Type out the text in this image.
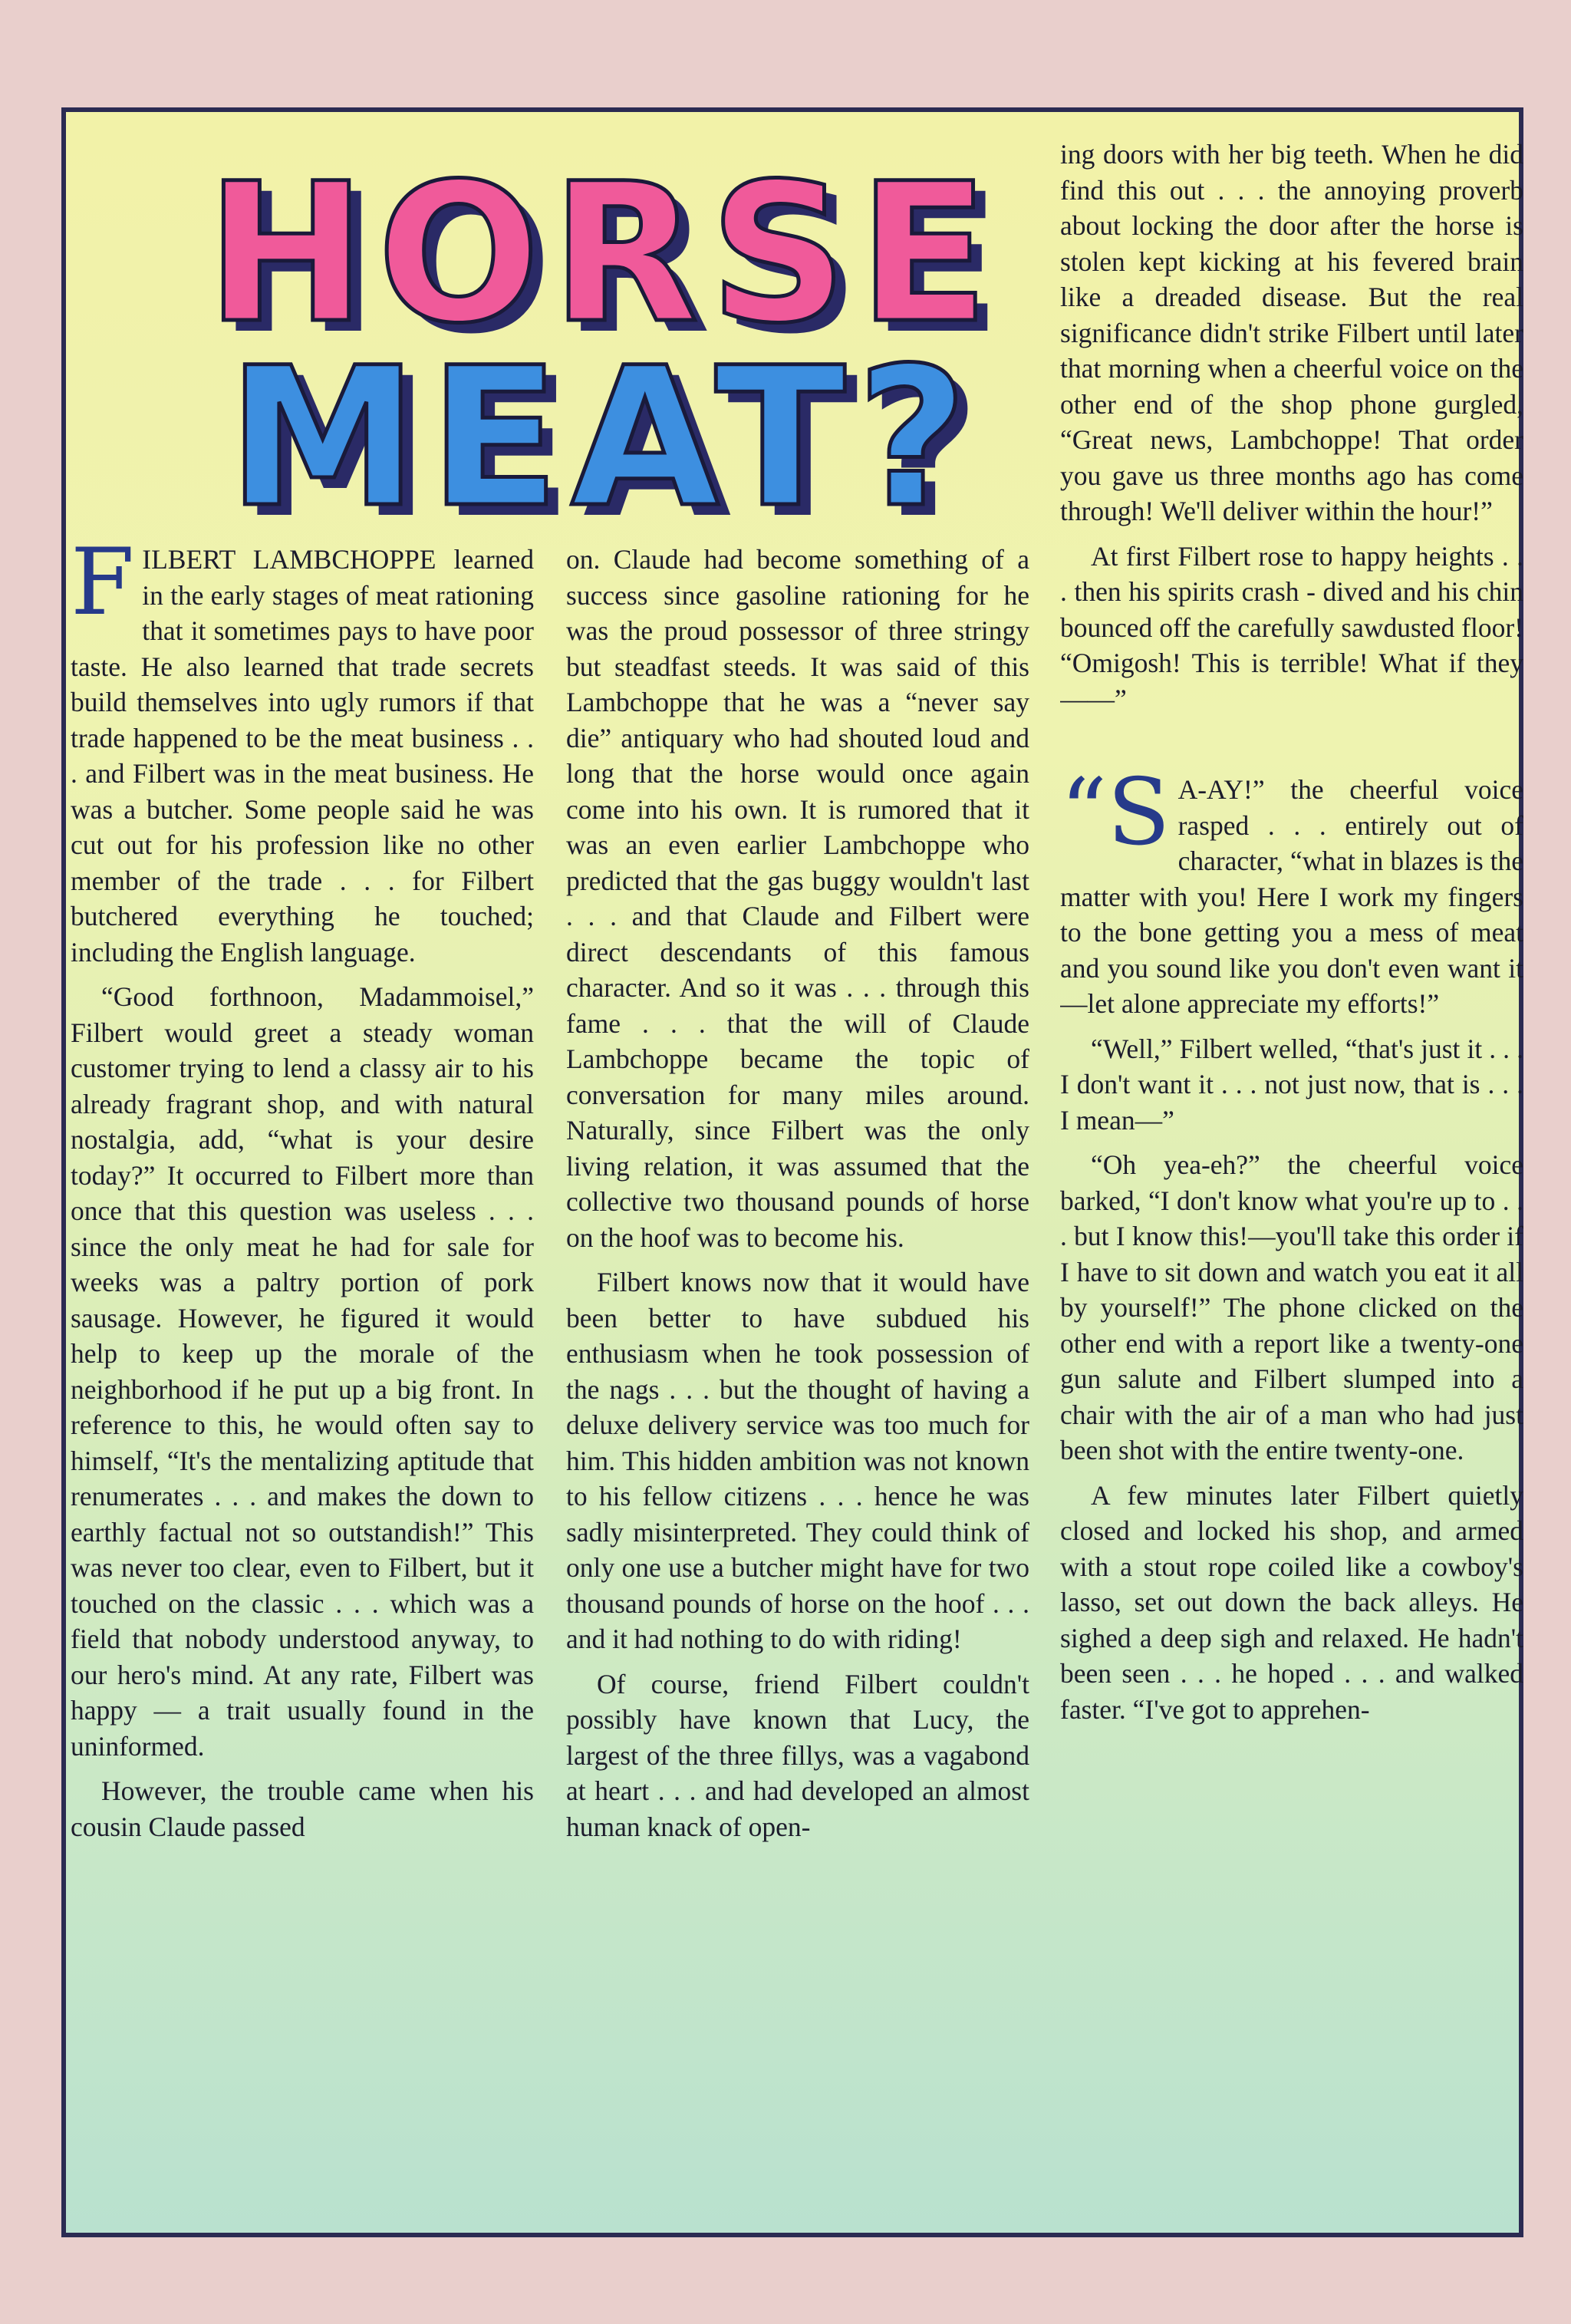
HORSE
MEAT?

FILBERT LAMBCHOPPE learned in the early stages of meat rationing that it sometimes pays to have poor taste. He also learned that trade secrets build themselves into ugly rumors if that trade happened to be the meat business . . . and Filbert was in the meat business. He was a butcher. Some people said he was cut out for his profession like no other member of the trade . . . for Filbert butchered everything he touched; including the English language.

“Good forthnoon, Madammoisel,” Filbert would greet a steady woman customer trying to lend a classy air to his already fragrant shop, and with natural nostalgia, add, “what is your desire today?” It occurred to Filbert more than once that this question was useless . . . since the only meat he had for sale for weeks was a paltry portion of pork sausage. However, he figured it would help to keep up the morale of the neighborhood if he put up a big front. In reference to this, he would often say to himself, “It's the mentalizing aptitude that renumerates . . . and makes the down to earthly factual not so outstandish!” This was never too clear, even to Filbert, but it touched on the classic . . . which was a field that nobody understood anyway, to our hero's mind. At any rate, Filbert was happy — a trait usually found in the uninformed.

However, the trouble came when his cousin Claude passed

on. Claude had become something of a success since gasoline rationing for he was the proud possessor of three stringy but steadfast steeds. It was said of this Lambchoppe that he was a “never say die” antiquary who had shouted loud and long that the horse would once again come into his own. It is rumored that it was an even earlier Lambchoppe who predicted that the gas buggy wouldn't last . . . and that Claude and Filbert were direct descendants of this famous character. And so it was . . . through this fame . . . that the will of Claude Lambchoppe became the topic of conversation for many miles around. Naturally, since Filbert was the only living relation, it was assumed that the collective two thousand pounds of horse on the hoof was to become his.

Filbert knows now that it would have been better to have subdued his enthusiasm when he took possession of the nags . . . but the thought of having a deluxe delivery service was too much for him. This hidden ambition was not known to his fellow citizens . . . hence he was sadly misinterpreted. They could think of only one use a butcher might have for two thousand pounds of horse on the hoof . . . and it had nothing to do with riding!

Of course, friend Filbert couldn't possibly have known that Lucy, the largest of the three fillys, was a vagabond at heart . . . and had developed an almost human knack of open-

ing doors with her big teeth. When he did find this out . . . the annoying proverb about locking the door after the horse is stolen kept kicking at his fevered brain like a dreaded disease. But the real significance didn't strike Filbert until later that morning when a cheerful voice on the other end of the shop phone gurgled, “Great news, Lambchoppe! That order you gave us three months ago has come through! We'll deliver within the hour!”

At first Filbert rose to happy heights . . . then his spirits crash - dived and his chin bounced off the carefully sawdusted floor! “Omigosh! This is terrible! What if they——”

“S A-AY!” the cheerful voice rasped . . . entirely out of character, “what in blazes is the matter with you! Here I work my fingers to the bone getting you a mess of meat and you sound like you don't even want it—let alone appreciate my efforts!”

“Well,” Filbert welled, “that's just it . . . I don't want it . . . not just now, that is . . . I mean—”

“Oh yea-eh?” the cheerful voice barked, “I don't know what you're up to . . . but I know this!—you'll take this order if I have to sit down and watch you eat it all by yourself!” The phone clicked on the other end with a report like a twenty-one gun salute and Filbert slumped into a chair with the air of a man who had just been shot with the entire twenty-one.

A few minutes later Filbert quietly closed and locked his shop, and armed with a stout rope coiled like a cowboy's lasso, set out down the back alleys. He sighed a deep sigh and relaxed. He hadn't been seen . . . he hoped . . . and walked faster. “I've got to apprehen-
